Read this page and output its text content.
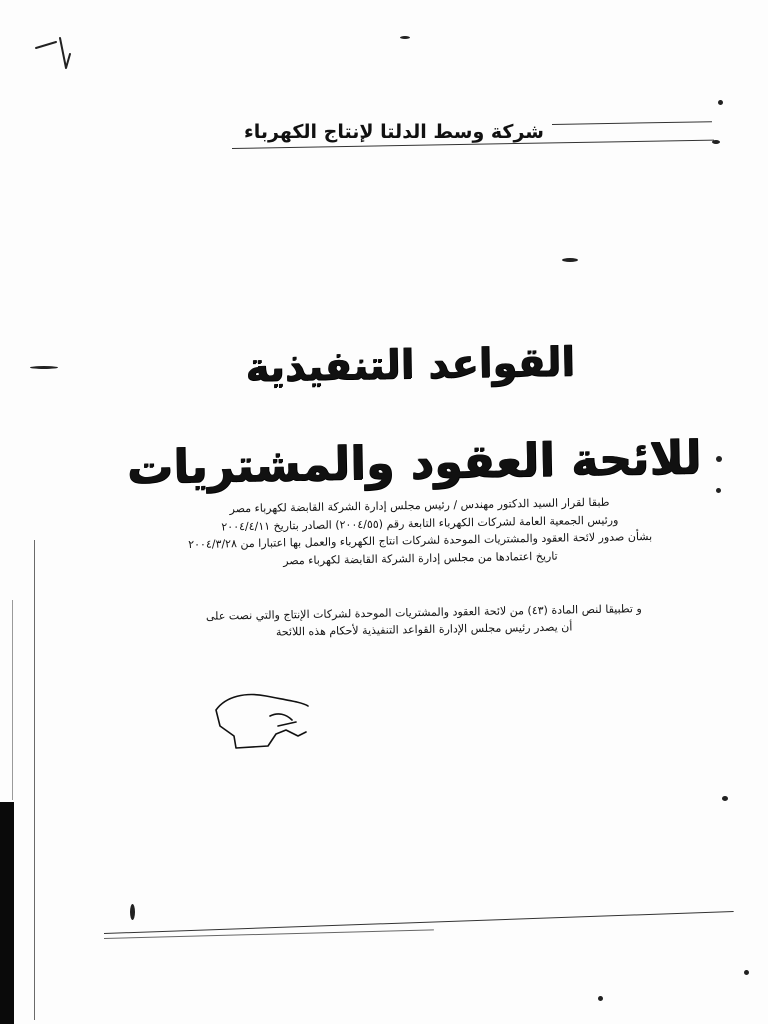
شركة وسط الدلتا لإنتاج الكهرباء
القواعد التنفيذية
للائحة العقود والمشتريات

طبقا لقرار السيد الدكتور مهندس / رئيس مجلس إدارة الشركة القابضة لكهرباء مصر

ورئيس الجمعية العامة لشركات الكهرباء التابعة رقم (٢٠٠٤/٥٥) الصادر بتاريخ ٢٠٠٤/٤/١١

بشأن صدور لائحة العقود والمشتريات الموحدة لشركات انتاج الكهرباء والعمل بها اعتبارا من ٢٠٠٤/٣/٢٨

تاريخ اعتمادها من مجلس إدارة الشركة القابضة لكهرباء مصر

و تطبيقا لنص المادة (٤٣) من لائحة العقود والمشتريات الموحدة لشركات الإنتاج والتي نصت على

أن يصدر رئيس مجلس الإدارة القواعد التنفيذية لأحكام هذه اللائحة
